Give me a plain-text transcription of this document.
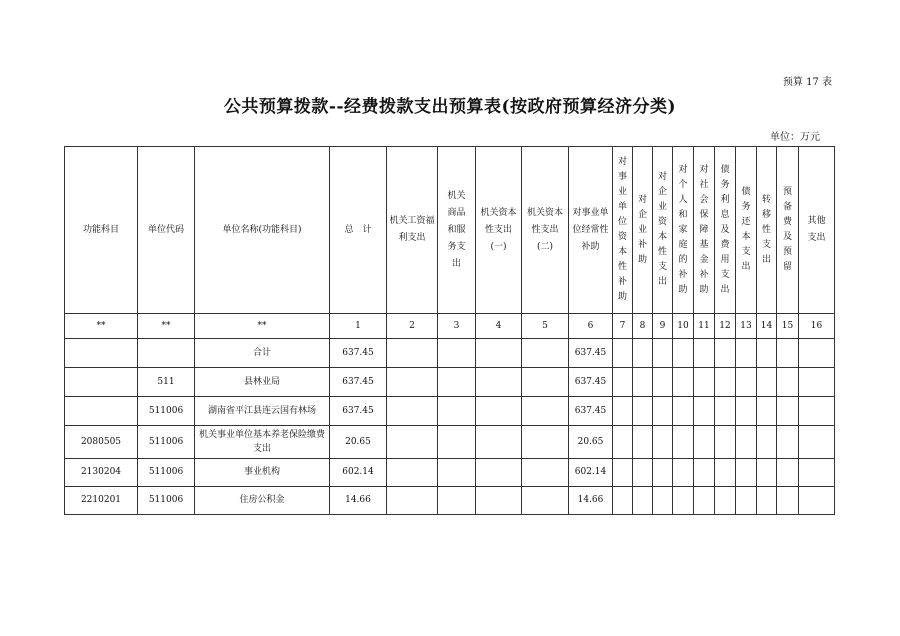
预算 17 表
公共预算拨款--经费拨款支出预算表(按政府预算经济分类)
单位：万元
功能科目	单位代码	单位名称(功能科目)	总　计	机关工资福利支出	机关商品和服务支出	机关资本性支出(一)	机关资本性支出(二)	对事业单位经常性补助	对事业单位资本性补助	对企业补助	对企业资本性支出	对个人和家庭的补助	对社会保障基金补助	债务利息及费用支出	债务还本支出	转移性支出	预备费及预留	其他支出

**	**	**	1	2	3	4	5	6	7	8	9	10	11	12	13	14	15	16
		合计	637.45					637.45										
	511	县林业局	637.45					637.45										
	511006	湖南省平江县连云国有林场	637.45					637.45										
2080505	511006	机关事业单位基本养老保险缴费支出	20.65					20.65										
2130204	511006	事业机构	602.14					602.14										
2210201	511006	住房公积金	14.66					14.66										
